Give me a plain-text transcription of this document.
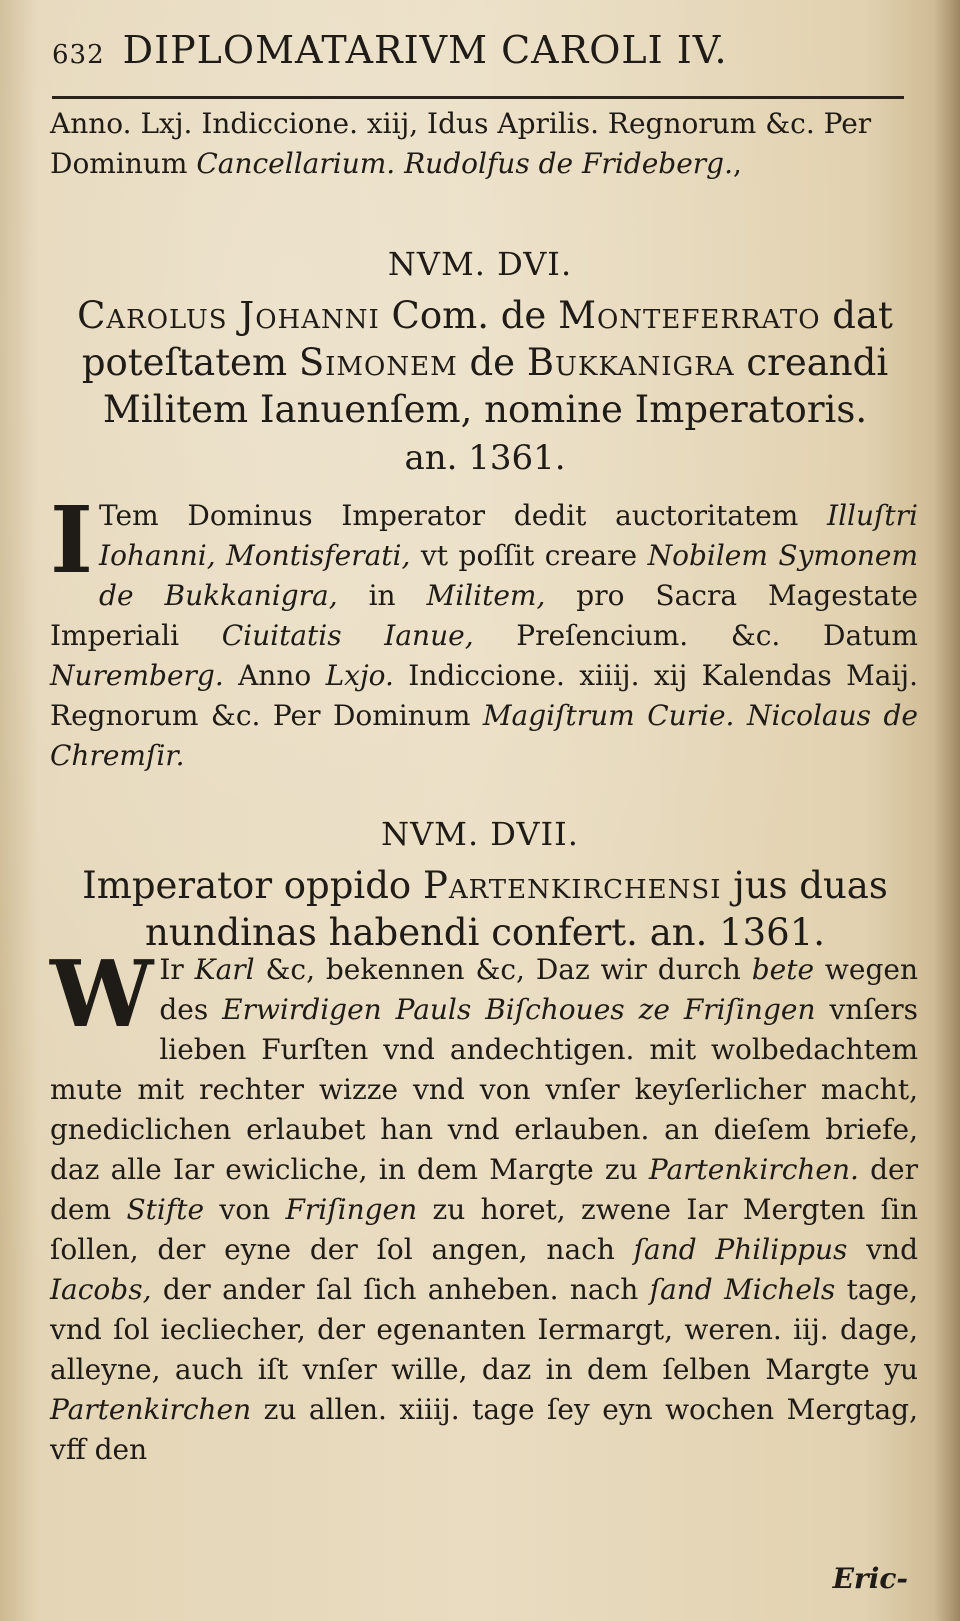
632 DIPLOMATARIVM CAROLI IV.
Anno. Lxj. Indiccione. xiij, Idus Aprilis. Regnorum &c. Per Dominum Cancellarium. Rudolfus de Frideberg.,
NVM. DVI.
Carolus Johanni Com. de Monteferrato dat poteſtatem Simonem de Bukkanigra creandi Militem Ianuenſem, nomine Imperatoris.
an. 1361.
I Tem Dominus Imperator dedit auctoritatem Illuſtri Iohanni, Montisferati, vt poſſit creare Nobilem Symonem de Bukkanigra, in Militem, pro Sacra Magestate Imperiali Ciuitatis Ianue, Preſencium. &c. Datum Nuremberg. Anno Lxjo. Indiccione. xiiij. xij Kalendas Maij. Regnorum &c. Per Dominum Magiſtrum Curie. Nicolaus de Chremſir.
NVM. DVII.
Imperator oppido Partenkirchensi jus duas nundinas habendi confert. an. 1361.
W Ir Karl &c, bekennen &c, Daz wir durch bete wegen des Erwirdigen Pauls Biſchoues ze Friſingen vnſers lieben Furſten vnd andechtigen. mit wolbedachtem mute mit rechter wizze vnd von vnſer keyſerlicher macht, gnediclichen erlaubet han vnd erlauben. an dieſem briefe, daz alle Iar ewicliche, in dem Margte zu Partenkirchen. der dem Stifte von Friſingen zu horet, zwene Iar Mergten ſin ſollen, der eyne der ſol angen, nach ſand Philippus vnd Iacobs, der ander ſal ſich anheben. nach ſand Michels tage, vnd ſol iecliecher, der egenanten Iermargt, weren. iij. dage, alleyne, auch iſt vnſer wille, daz in dem ſelben Margte yu Partenkirchen zu allen. xiiij. tage ſey eyn wochen Mergtag, vff den
Eric-
